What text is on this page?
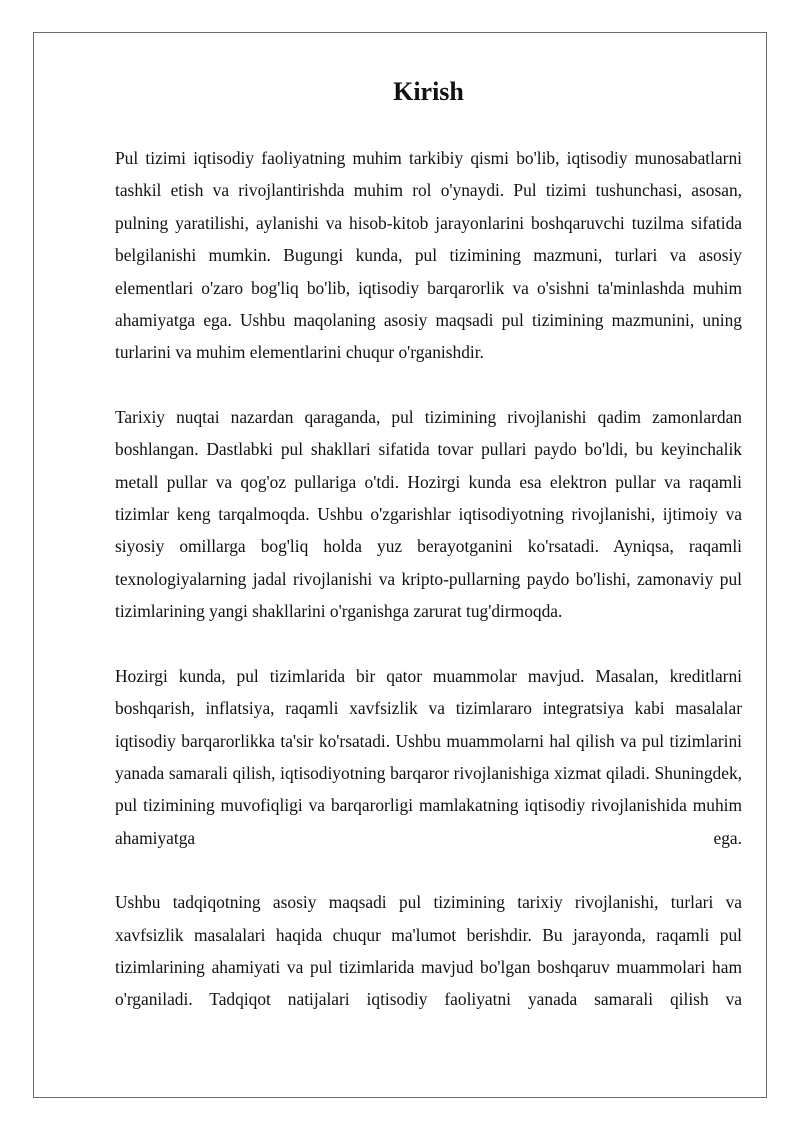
Kirish

Pul tizimi iqtisodiy faoliyatning muhim tarkibiy qismi bo'lib, iqtisodiy munosabatlarni tashkil etish va rivojlantirishda muhim rol o'ynaydi. Pul tizimi tushunchasi, asosan, pulning yaratilishi, aylanishi va hisob-kitob jarayonlarini boshqaruvchi tuzilma sifatida belgilanishi mumkin. Bugungi kunda, pul tizimining mazmuni, turlari va asosiy elementlari o'zaro bog'liq bo'lib, iqtisodiy barqarorlik va o'sishni ta'minlashda muhim ahamiyatga ega. Ushbu maqolaning asosiy maqsadi pul tizimining mazmunini, uning turlarini va muhim elementlarini chuqur o'rganishdir.

Tarixiy nuqtai nazardan qaraganda, pul tizimining rivojlanishi qadim zamonlardan boshlangan. Dastlabki pul shakllari sifatida tovar pullari paydo bo'ldi, bu keyinchalik metall pullar va qog'oz pullariga o'tdi. Hozirgi kunda esa elektron pullar va raqamli tizimlar keng tarqalmoqda. Ushbu o'zgarishlar iqtisodiyotning rivojlanishi, ijtimoiy va siyosiy omillarga bog'liq holda yuz berayotganini ko'rsatadi. Ayniqsa, raqamli texnologiyalarning jadal rivojlanishi va kripto-pullarning paydo bo'lishi, zamonaviy pul tizimlarining yangi shakllarini o'rganishga zarurat tug'dirmoqda.

Hozirgi kunda, pul tizimlarida bir qator muammolar mavjud. Masalan, kreditlarni boshqarish, inflatsiya, raqamli xavfsizlik va tizimlararo integratsiya kabi masalalar iqtisodiy barqarorlikka ta'sir ko'rsatadi. Ushbu muammolarni hal qilish va pul tizimlarini yanada samarali qilish, iqtisodiyotning barqaror rivojlanishiga xizmat qiladi. Shuningdek, pul tizimining muvofiqligi va barqarorligi mamlakatning iqtisodiy rivojlanishida muhim ahamiyatga ega.

Ushbu tadqiqotning asosiy maqsadi pul tizimining tarixiy rivojlanishi, turlari va xavfsizlik masalalari haqida chuqur ma'lumot berishdir. Bu jarayonda, raqamli pul tizimlarining ahamiyati va pul tizimlarida mavjud bo'lgan boshqaruv muammolari ham o'rganiladi. Tadqiqot natijalari iqtisodiy faoliyatni yanada samarali qilish va
